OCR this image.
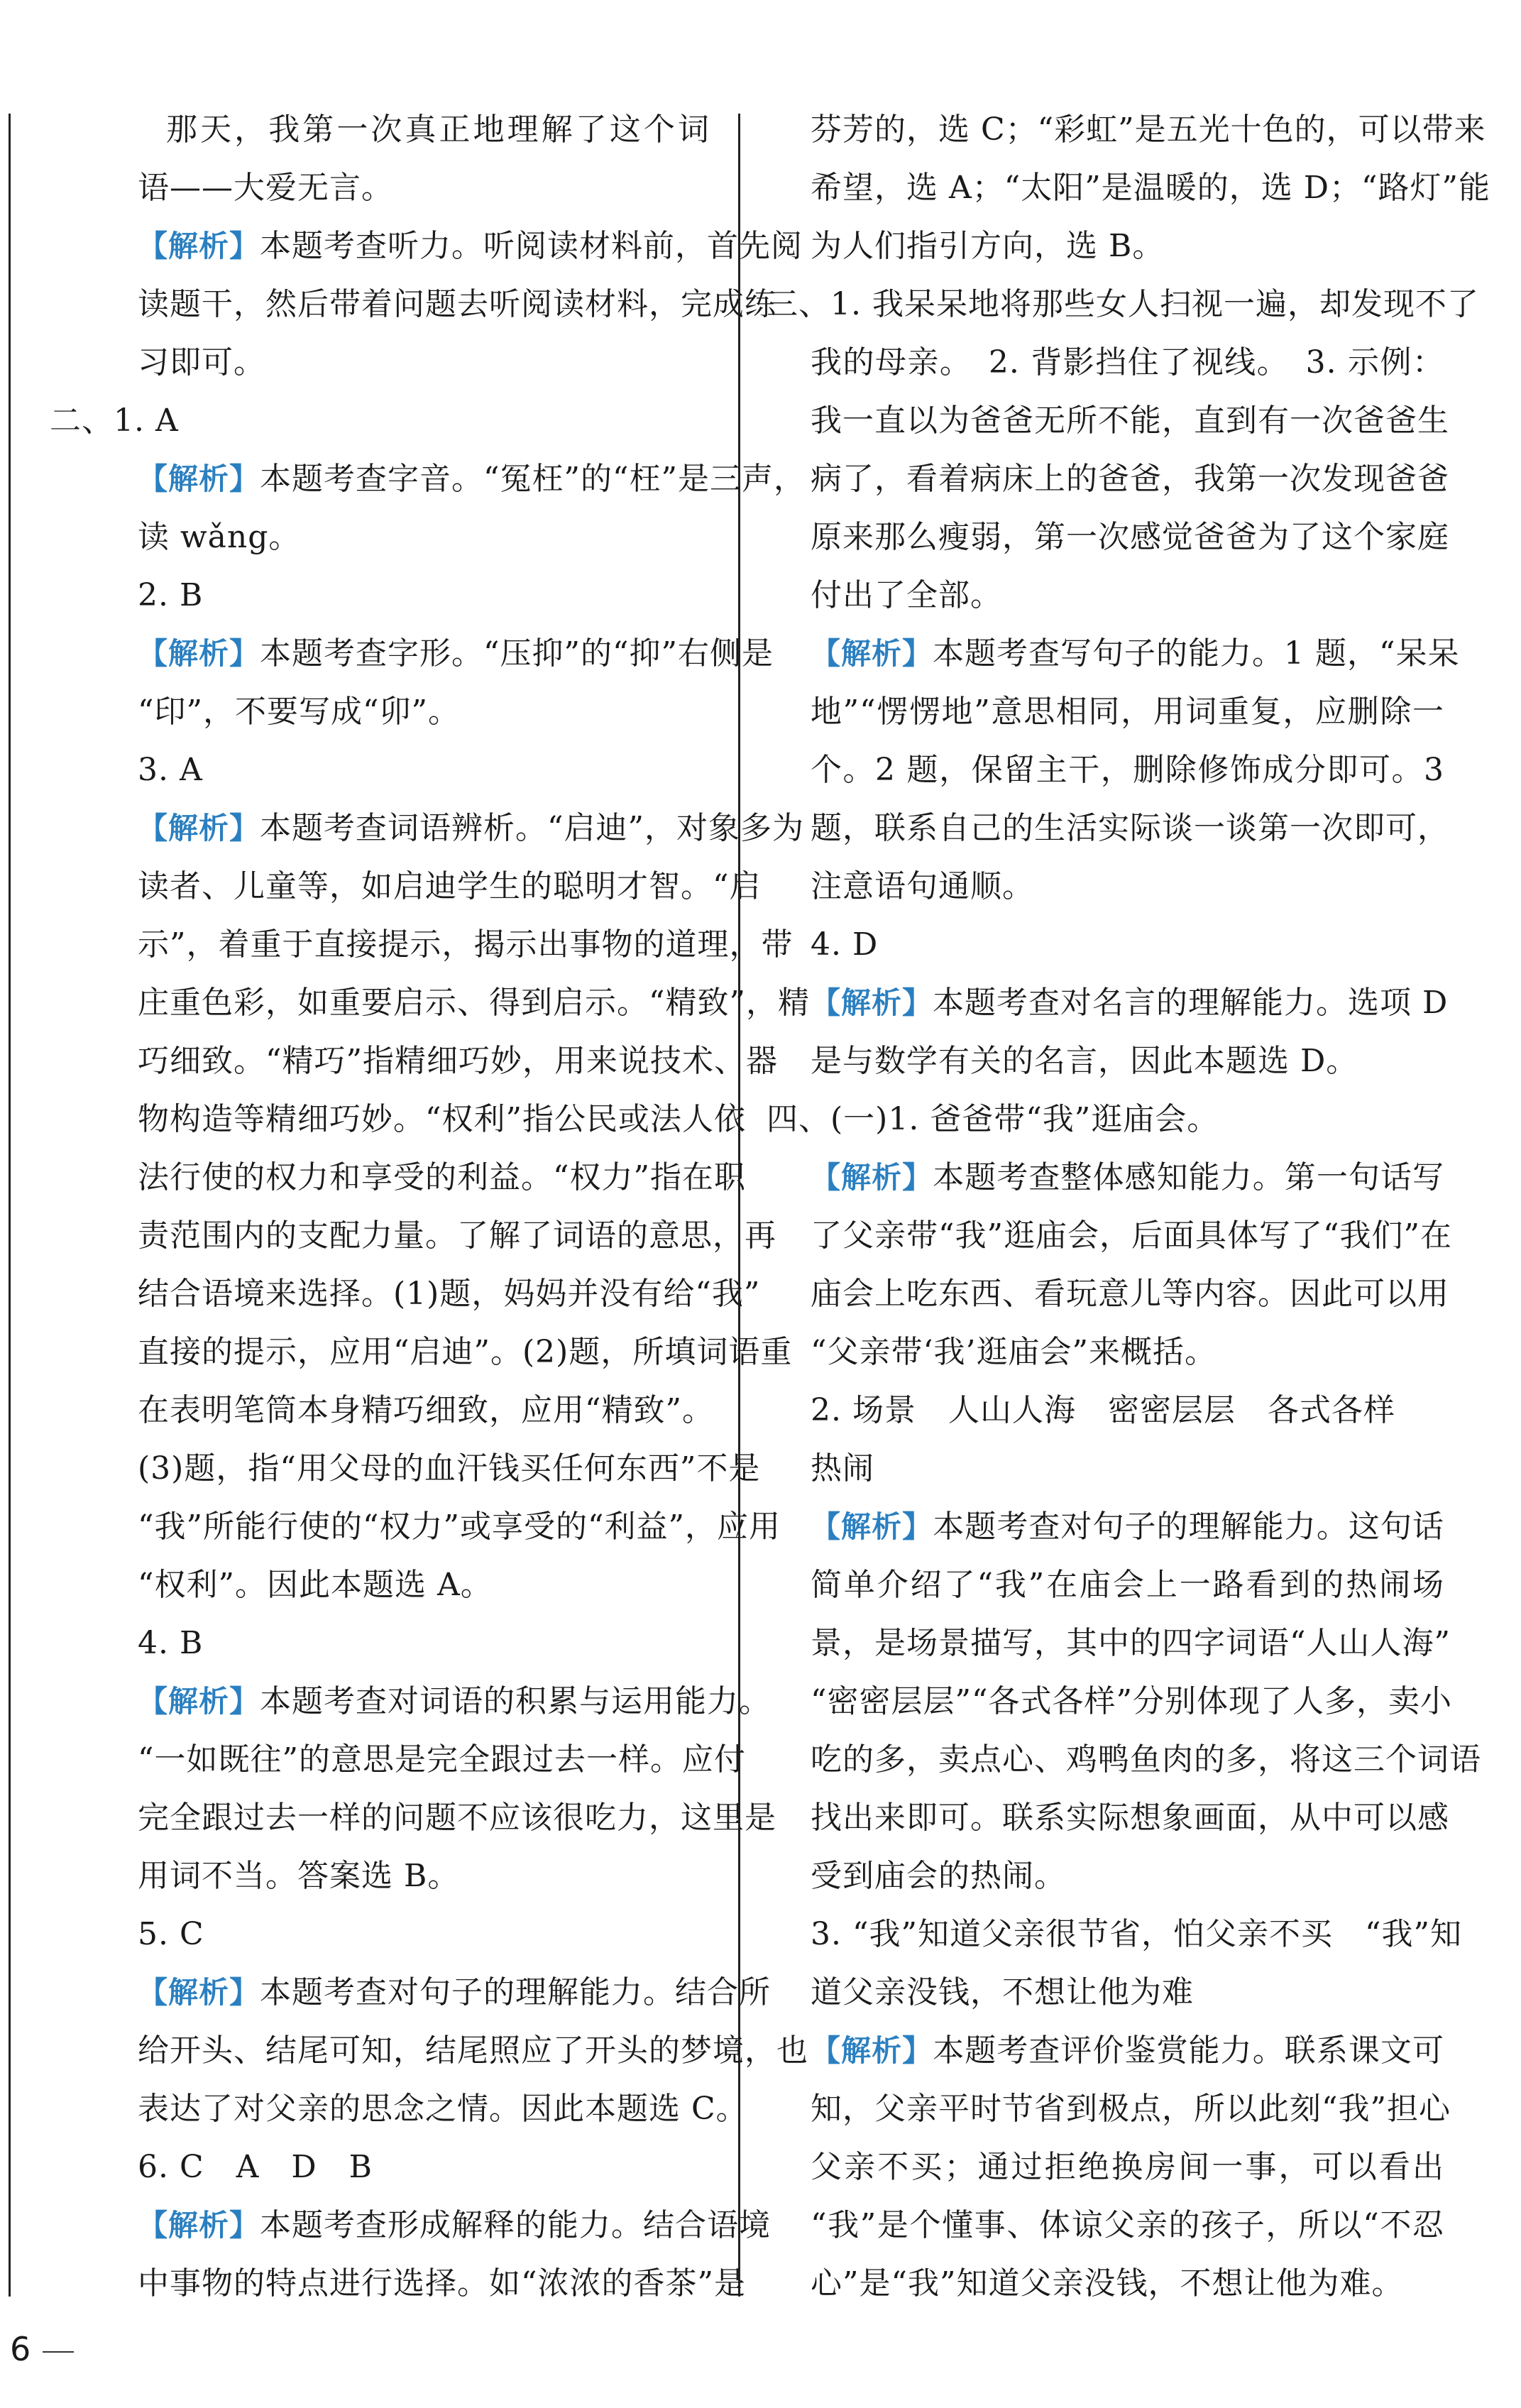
那天，我第一次真正地理解了这个词
语——大爱无言。
【解析】本题考查听力。听阅读材料前，首先阅
读题干，然后带着问题去听阅读材料，完成练
习即可。
二、1. A
【解析】本题考查字音。“冤枉”的“枉”是三声，
读 wǎng。
2. B
【解析】本题考查字形。“压抑”的“抑”右侧是
“印”，不要写成“卯”。
3. A
【解析】本题考查词语辨析。“启迪”，对象多为
读者、儿童等，如启迪学生的聪明才智。“启
示”，着重于直接提示，揭示出事物的道理，带
庄重色彩，如重要启示、得到启示。“精致”，精
巧细致。“精巧”指精细巧妙，用来说技术、器
物构造等精细巧妙。“权利”指公民或法人依
法行使的权力和享受的利益。“权力”指在职
责范围内的支配力量。了解了词语的意思，再
结合语境来选择。(1)题，妈妈并没有给“我”
直接的提示，应用“启迪”。(2)题，所填词语重
在表明笔筒本身精巧细致，应用“精致”。
(3)题，指“用父母的血汗钱买任何东西”不是
“我”所能行使的“权力”或享受的“利益”，应用
“权利”。因此本题选 A。
4. B
【解析】本题考查对词语的积累与运用能力。
“一如既往”的意思是完全跟过去一样。应付
完全跟过去一样的问题不应该很吃力，这里是
用词不当。答案选 B。
5. C
【解析】本题考查对句子的理解能力。结合所
给开头、结尾可知，结尾照应了开头的梦境，也
表达了对父亲的思念之情。因此本题选 C。
6. C　A　D　B
【解析】本题考查形成解释的能力。结合语境
中事物的特点进行选择。如“浓浓的香茶”是
芬芳的，选 C；“彩虹”是五光十色的，可以带来
希望，选 A；“太阳”是温暖的，选 D；“路灯”能
为人们指引方向，选 B。
三、1. 我呆呆地将那些女人扫视一遍，却发现不了
我的母亲。　2. 背影挡住了视线。　3. 示例：
我一直以为爸爸无所不能，直到有一次爸爸生
病了，看着病床上的爸爸，我第一次发现爸爸
原来那么瘦弱，第一次感觉爸爸为了这个家庭
付出了全部。
【解析】本题考查写句子的能力。1 题，“呆呆
地”“愣愣地”意思相同，用词重复，应删除一
个。2 题，保留主干，删除修饰成分即可。3
题，联系自己的生活实际谈一谈第一次即可，
注意语句通顺。
4. D
【解析】本题考查对名言的理解能力。选项 D
是与数学有关的名言，因此本题选 D。
四、(一)1. 爸爸带“我”逛庙会。
【解析】本题考查整体感知能力。第一句话写
了父亲带“我”逛庙会，后面具体写了“我们”在
庙会上吃东西、看玩意儿等内容。因此可以用
“父亲带‘我’逛庙会”来概括。
2. 场景　人山人海　密密层层　各式各样
热闹
【解析】本题考查对句子的理解能力。这句话
简单介绍了“我”在庙会上一路看到的热闹场
景，是场景描写，其中的四字词语“人山人海”
“密密层层”“各式各样”分别体现了人多，卖小
吃的多，卖点心、鸡鸭鱼肉的多，将这三个词语
找出来即可。联系实际想象画面，从中可以感
受到庙会的热闹。
3. “我”知道父亲很节省，怕父亲不买　“我”知
道父亲没钱，不想让他为难
【解析】本题考查评价鉴赏能力。联系课文可
知，父亲平时节省到极点，所以此刻“我”担心
父亲不买；通过拒绝换房间一事，可以看出
“我”是个懂事、体谅父亲的孩子，所以“不忍
心”是“我”知道父亲没钱，不想让他为难。
6
